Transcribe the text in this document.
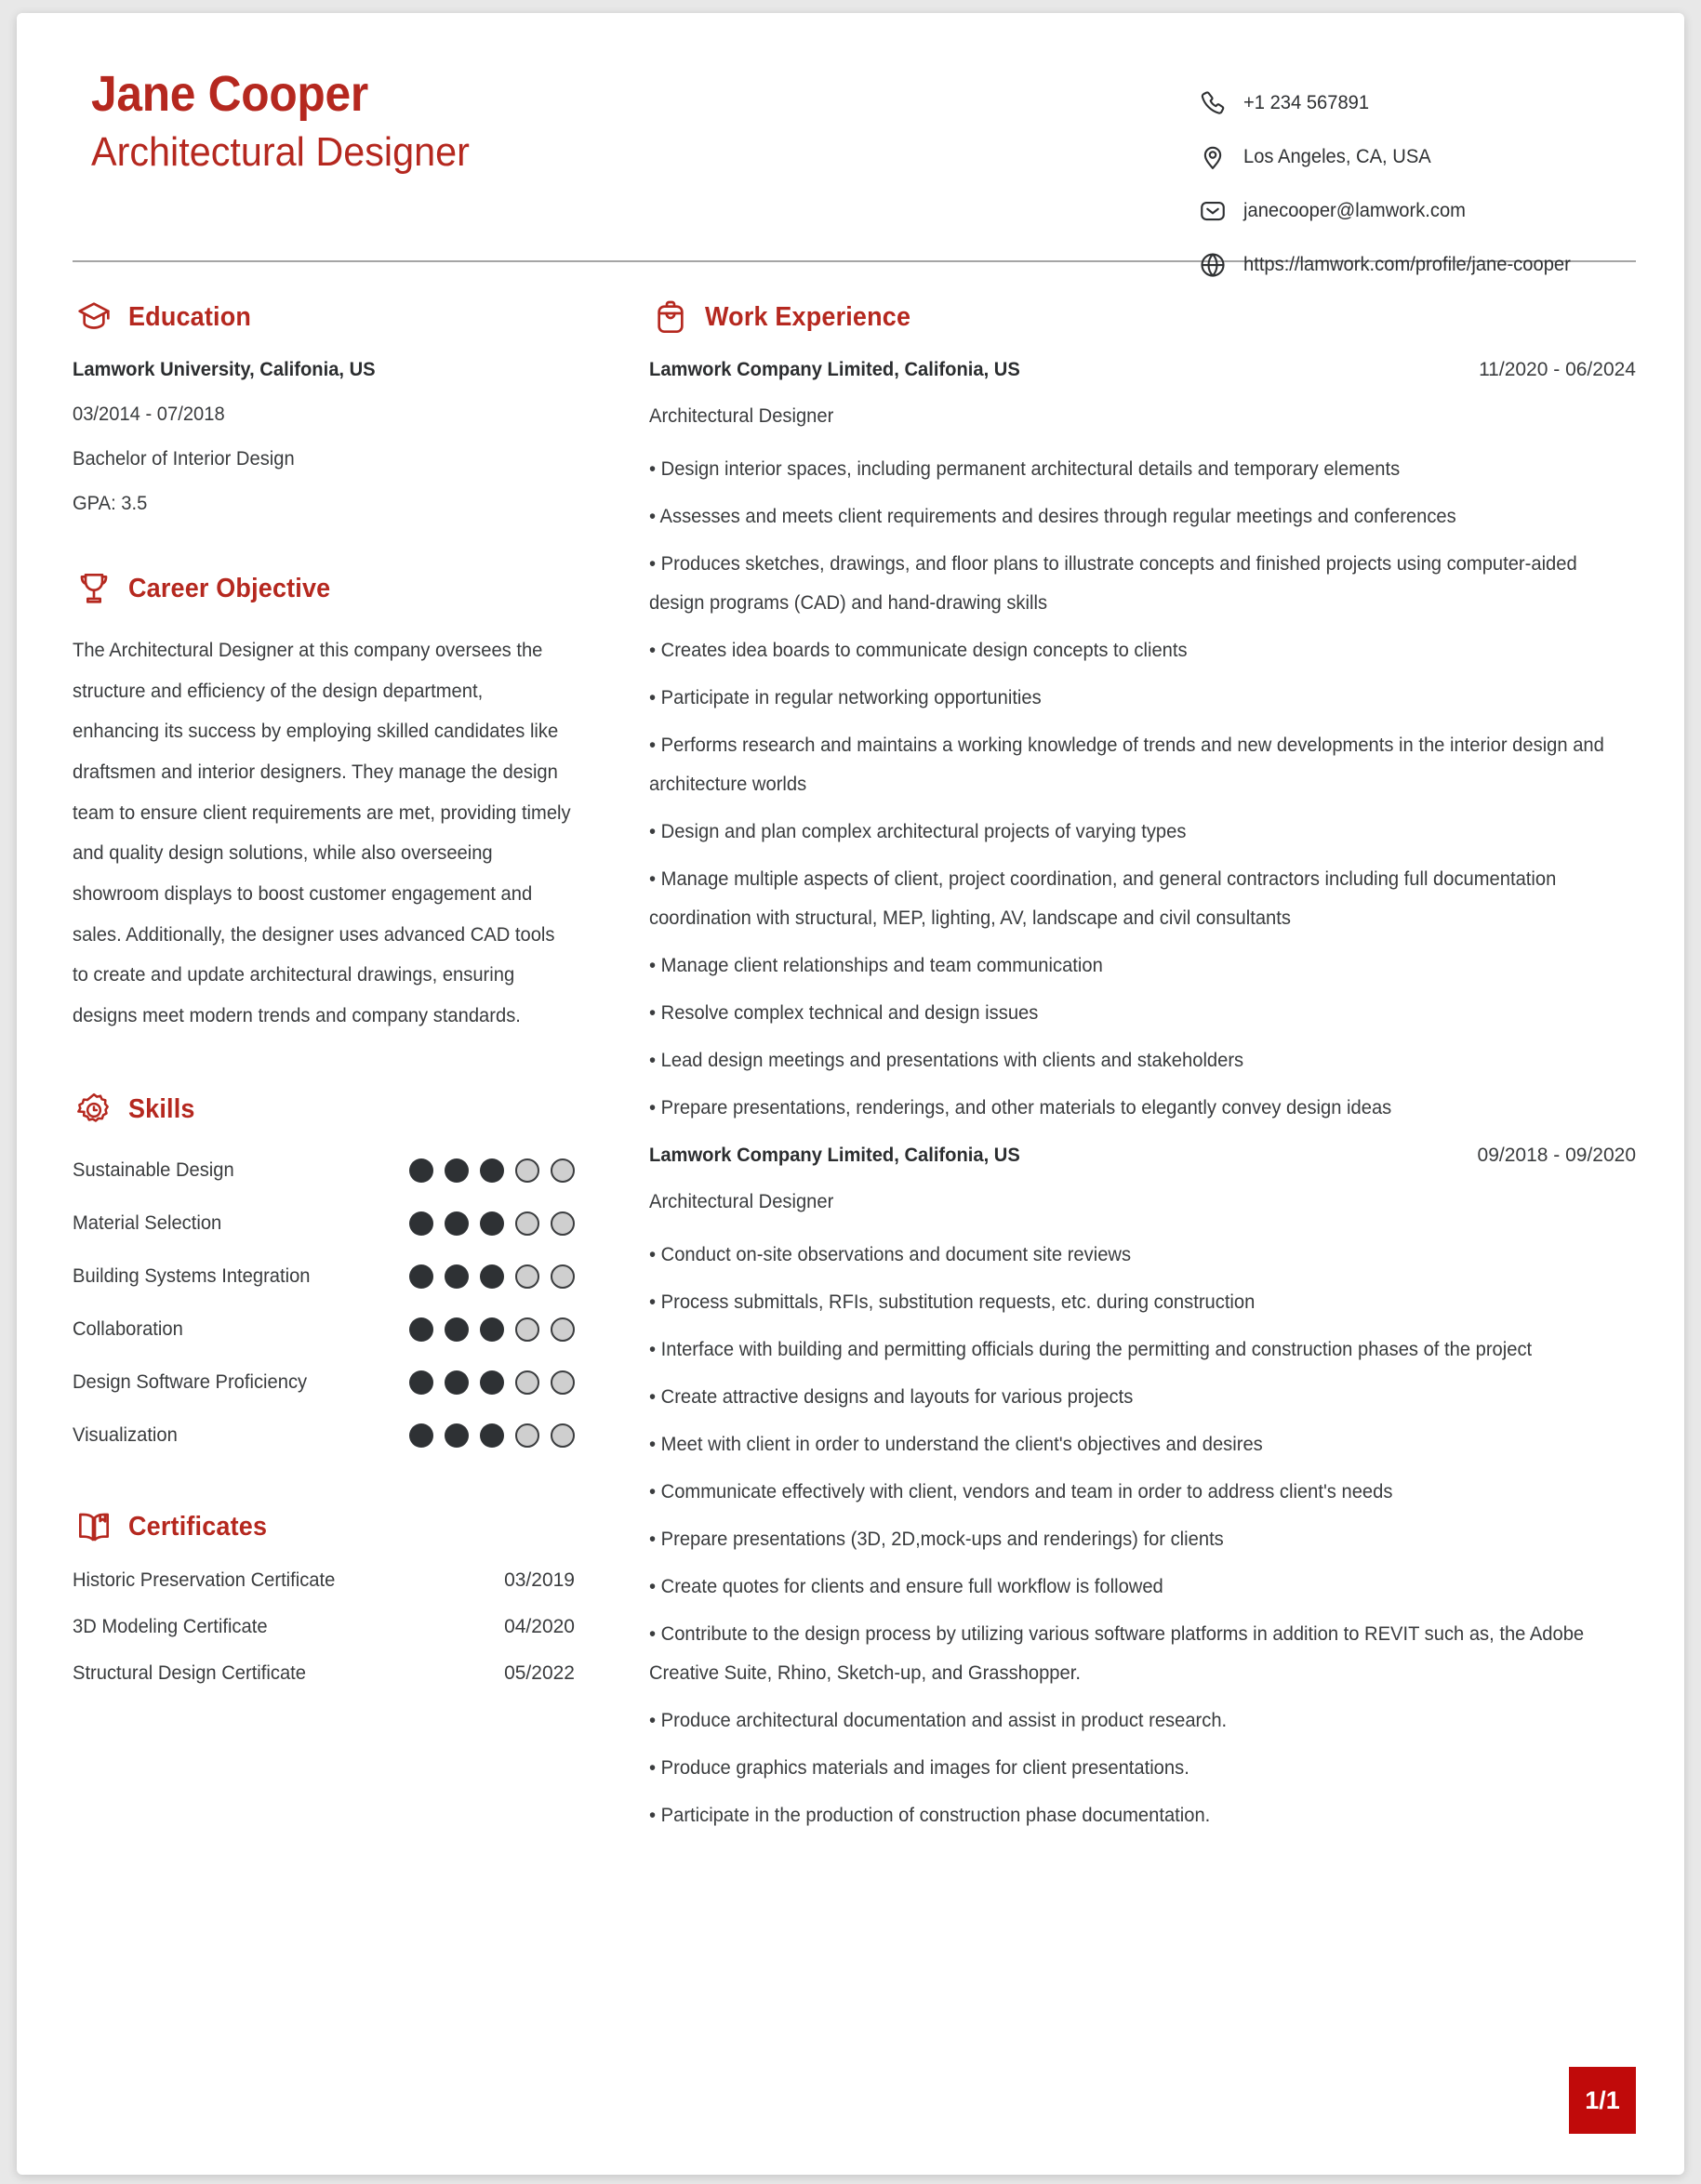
Jane Cooper
Architectural Designer
+1 234 567891
Los Angeles, CA, USA
janecooper@lamwork.com
https://lamwork.com/profile/jane-cooper
Education
Lamwork University, Califonia, US
03/2014 - 07/2018
Bachelor of Interior Design
GPA: 3.5
Career Objective
The Architectural Designer at this company oversees the structure and efficiency of the design department, enhancing its success by employing skilled candidates like draftsmen and interior designers. They manage the design team to ensure client requirements are met, providing timely and quality design solutions, while also overseeing showroom displays to boost customer engagement and sales. Additionally, the designer uses advanced CAD tools to create and update architectural drawings, ensuring designs meet modern trends and company standards.
Skills
Sustainable Design
Material Selection
Building Systems Integration
Collaboration
Design Software Proficiency
Visualization
Certificates
Historic Preservation Certificate	03/2019
3D Modeling Certificate	04/2020
Structural Design Certificate	05/2022
Work Experience
Lamwork Company Limited, Califonia, US	11/2020 - 06/2024
Architectural Designer
• Design interior spaces, including permanent architectural details and temporary elements
• Assesses and meets client requirements and desires through regular meetings and conferences
• Produces sketches, drawings, and floor plans to illustrate concepts and finished projects using computer-aided design programs (CAD) and hand-drawing skills
• Creates idea boards to communicate design concepts to clients
• Participate in regular networking opportunities
• Performs research and maintains a working knowledge of trends and new developments in the interior design and architecture worlds
• Design and plan complex architectural projects of varying types
• Manage multiple aspects of client, project coordination, and general contractors including full documentation coordination with structural, MEP, lighting, AV, landscape and civil consultants
• Manage client relationships and team communication
• Resolve complex technical and design issues
• Lead design meetings and presentations with clients and stakeholders
• Prepare presentations, renderings, and other materials to elegantly convey design ideas
Lamwork Company Limited, Califonia, US	09/2018 - 09/2020
Architectural Designer
• Conduct on-site observations and document site reviews
• Process submittals, RFIs, substitution requests, etc. during construction
• Interface with building and permitting officials during the permitting and construction phases of the project
• Create attractive designs and layouts for various projects
• Meet with client in order to understand the client's objectives and desires
• Communicate effectively with client, vendors and team in order to address client's needs
• Prepare presentations (3D, 2D,mock-ups and renderings) for clients
• Create quotes for clients and ensure full workflow is followed
• Contribute to the design process by utilizing various software platforms in addition to REVIT such as, the Adobe Creative Suite, Rhino, Sketch-up, and Grasshopper.
• Produce architectural documentation and assist in product research.
• Produce graphics materials and images for client presentations.
• Participate in the production of construction phase documentation.
1/1
